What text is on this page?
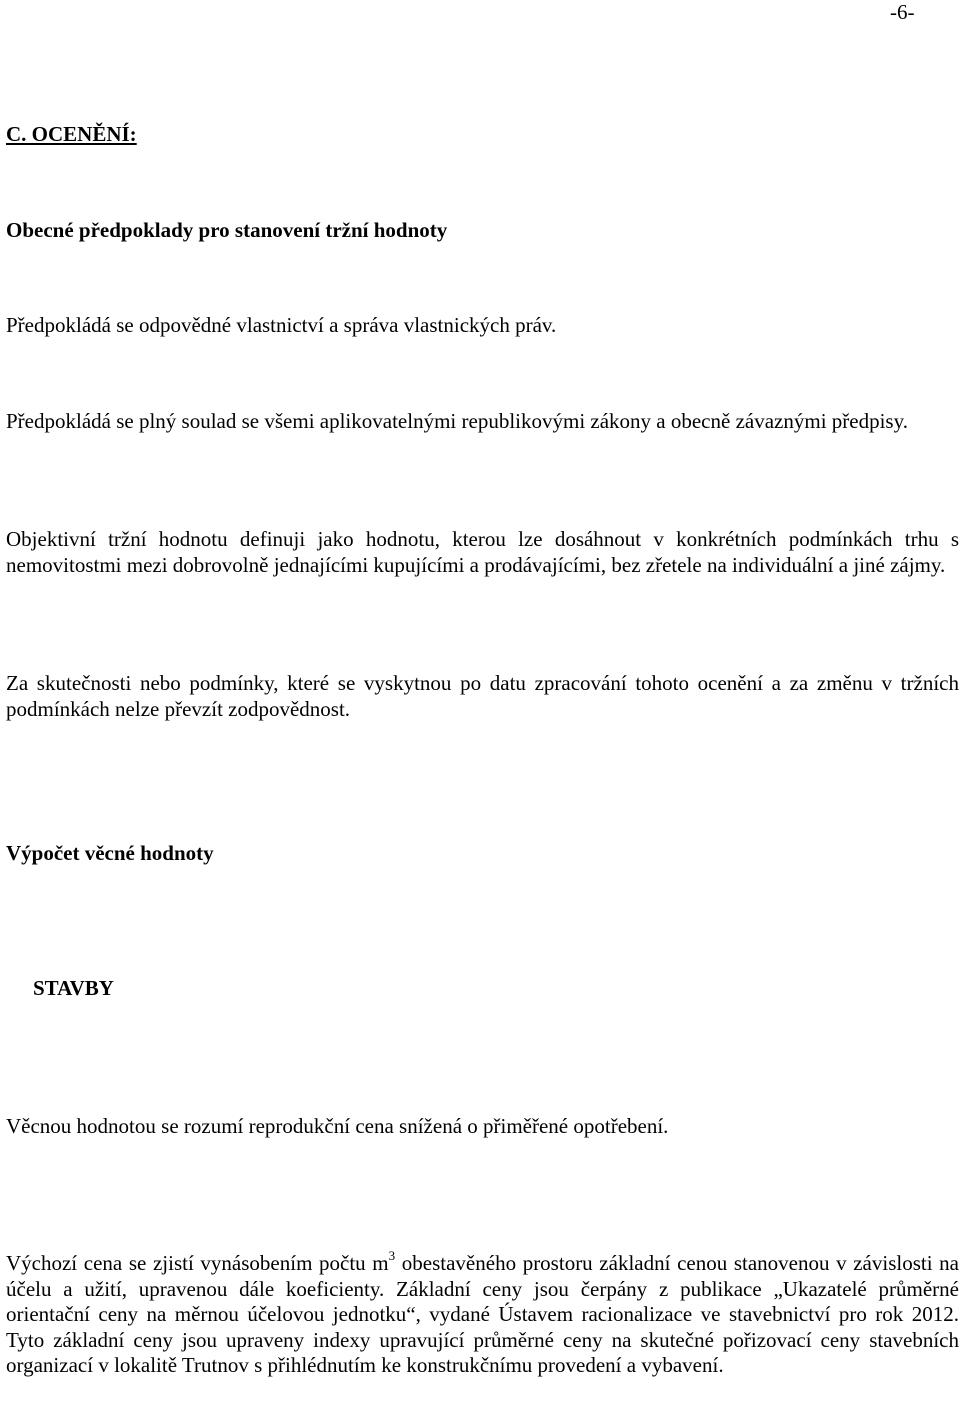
-6-
C. OCENĚNÍ:
Obecné předpoklady pro stanovení tržní hodnoty
Předpokládá se odpovědné vlastnictví a správa vlastnických práv.
Předpokládá se plný soulad se všemi aplikovatelnými republikovými zákony a obecně závaznými předpisy.
Objektivní tržní hodnotu definuji jako hodnotu, kterou lze dosáhnout v konkrétních podmínkách trhu s nemovitostmi mezi dobrovolně jednajícími kupujícími a prodávajícími, bez zřetele na individuální a jiné zájmy.
Za skutečnosti nebo podmínky, které se vyskytnou po datu zpracování tohoto ocenění a za změnu v tržních podmínkách nelze převzít zodpovědnost.
Výpočet věcné hodnoty
STAVBY
Věcnou hodnotou se rozumí reprodukční cena snížená o přiměřené opotřebení.
Výchozí cena se zjistí vynásobením počtu $m^3$ obestavěného prostoru základní cenou stanovenou v závislosti na účelu a užití, upravenou dále koeficienty. Základní ceny jsou čerpány z publikace „Ukazatelé průměrné orientační ceny na měrnou účelovou jednotku“, vydané Ústavem racionalizace ve stavebnictví pro rok 2012. Tyto základní ceny jsou upraveny indexy upravující průměrné ceny na skutečné pořizovací ceny stavebních organizací v lokalitě Trutnov s přihlédnutím ke konstrukčnímu provedení a vybavení.
